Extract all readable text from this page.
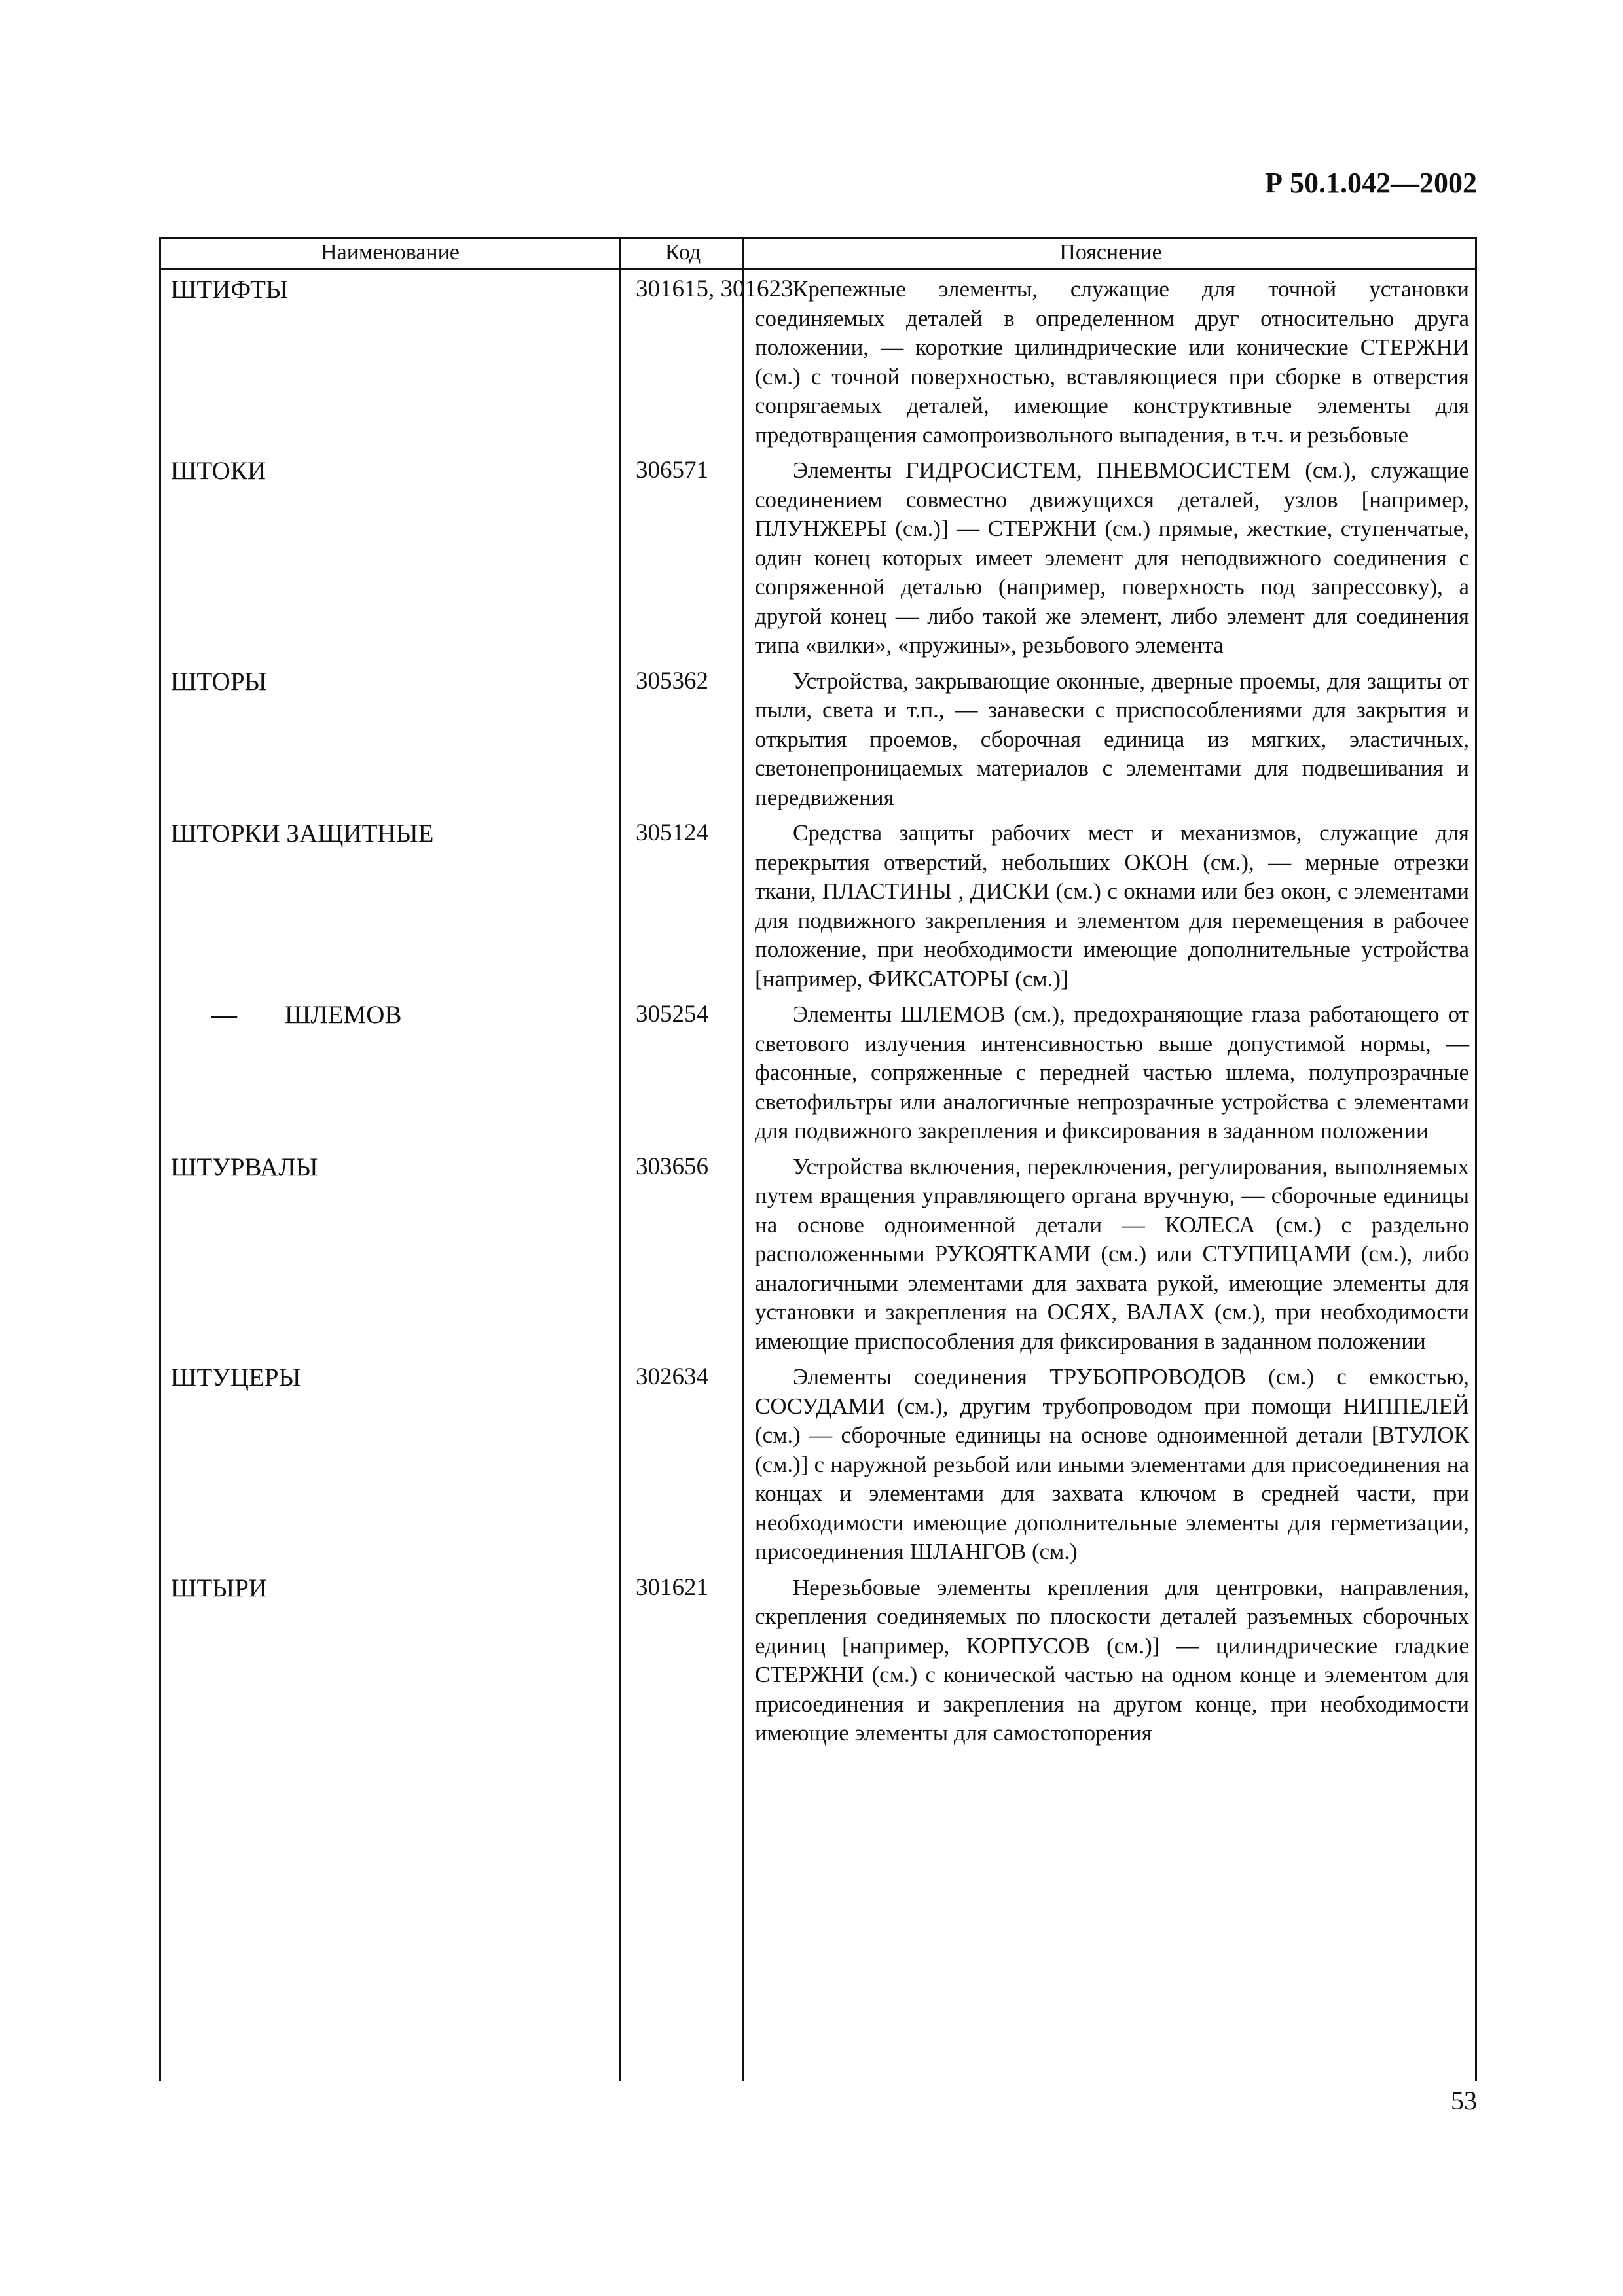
Р 50.1.042—2002
Наименование	Код	Пояснение
ШТИФТЫ	301615, 301623	Крепежные элементы, служащие для точной установки соединяемых деталей в определенном друг относительно друга положении, — короткие цилиндрические или конические СТЕРЖНИ (см.) с точной поверхностью, вставляющиеся при сборке в отверстия сопрягаемых деталей, имеющие конструктивные элементы для предотвращения самопроизвольного выпадения, в т.ч. и резьбовые

ШТОКИ	306571	Элементы ГИДРОСИСТЕМ, ПНЕВМОСИСТЕМ (см.), служащие соединением совместно движущихся деталей, узлов [например, ПЛУНЖЕРЫ (см.)] — СТЕРЖНИ (см.) прямые, жесткие, ступенчатые, один конец которых имеет элемент для неподвижного соединения с сопряженной деталью (например, поверхность под запрессовку), а другой конец — либо такой же элемент, либо элемент для соединения типа «вилки», «пружины», резьбового элемента

ШТОРЫ	305362	Устройства, закрывающие оконные, дверные проемы, для защиты от пыли, света и т.п., — занавески с приспособлениями для закрытия и открытия проемов, сборочная единица из мягких, эластичных, светонепроницаемых материалов с элементами для подвешивания и передвижения

ШТОРКИ ЗАЩИТНЫЕ	305124	Средства защиты рабочих мест и механизмов, служащие для перекрытия отверстий, небольших ОКОН (см.), — мерные отрезки ткани, ПЛАСТИНЫ , ДИСКИ (см.) с окнами или без окон, с элементами для подвижного закрепления и элементом для перемещения в рабочее положение, при необходимости имеющие дополнительные устройства [например, ФИКСАТОРЫ (см.)]

— ШЛЕМОВ	305254	Элементы ШЛЕМОВ (см.), предохраняющие глаза работающего от светового излучения интенсивностью выше допустимой нормы, — фасонные, сопряженные с передней частью шлема, полупрозрачные светофильтры или аналогичные непрозрачные устройства с элементами для подвижного закрепления и фиксирования в заданном положении

ШТУРВАЛЫ	303656	Устройства включения, переключения, регулирования, выполняемых путем вращения управляющего органа вручную, — сборочные единицы на основе одноименной детали — КОЛЕСА (см.) с раздельно расположенными РУКОЯТКАМИ (см.) или СТУПИЦАМИ (см.), либо аналогичными элементами для захвата рукой, имеющие элементы для установки и закрепления на ОСЯХ, ВАЛАХ (см.), при необходимости имеющие приспособления для фиксирования в заданном положении

ШТУЦЕРЫ	302634	Элементы соединения ТРУБОПРОВОДОВ (см.) с емкостью, СОСУДАМИ (см.), другим трубопроводом при помощи НИППЕЛЕЙ (см.) — сборочные единицы на основе одноименной детали [ВТУЛОК (см.)] с наружной резьбой или иными элементами для присоединения на концах и элементами для захвата ключом в средней части, при необходимости имеющие дополнительные элементы для герметизации, присоединения ШЛАНГОВ (см.)

ШТЫРИ	301621	Нерезьбовые элементы крепления для центровки, направления, скрепления соединяемых по плоскости деталей разъемных сборочных единиц [например, КОРПУСОВ (см.)] — цилиндрические гладкие СТЕРЖНИ (см.) с конической частью на одном конце и элементом для присоединения и закрепления на другом конце, при необходимости имеющие элементы для самостопорения

53
